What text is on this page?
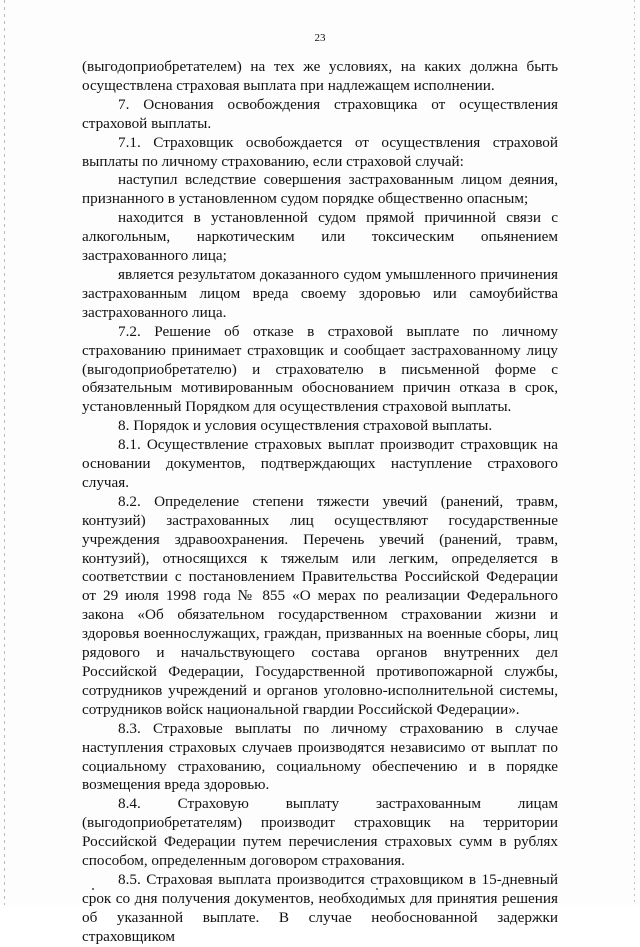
23

(выгодоприобретателем) на тех же условиях, на каких должна быть осуществлена страховая выплата при надлежащем исполнении.

7. Основания освобождения страховщика от осуществления страховой выплаты.

7.1. Страховщик освобождается от осуществления страховой выплаты по личному страхованию, если страховой случай:

наступил вследствие совершения застрахованным лицом деяния, признанного в установленном судом порядке общественно опасным;

находится в установленной судом прямой причинной связи с алкогольным, наркотическим или токсическим опьянением застрахованного лица;

является результатом доказанного судом умышленного причинения застрахованным лицом вреда своему здоровью или самоубийства застрахованного лица.

7.2. Решение об отказе в страховой выплате по личному страхованию принимает страховщик и сообщает застрахованному лицу (выгодоприобретателю) и страхователю в письменной форме с обязательным мотивированным обоснованием причин отказа в срок, установленный Порядком для осуществления страховой выплаты.

8. Порядок и условия осуществления страховой выплаты.

8.1. Осуществление страховых выплат производит страховщик на основании документов, подтверждающих наступление страхового случая.

8.2. Определение степени тяжести увечий (ранений, травм, контузий) застрахованных лиц осуществляют государственные учреждения здравоохранения. Перечень увечий (ранений, травм, контузий), относящихся к тяжелым или легким, определяется в соответствии с постановлением Правительства Российской Федерации от 29 июля 1998 года № 855 «О мерах по реализации Федерального закона «Об обязательном государственном страховании жизни и здоровья военнослужащих, граждан, призванных на военные сборы, лиц рядового и начальствующего состава органов внутренних дел Российской Федерации, Государственной противопожарной службы, сотрудников учреждений и органов уголовно-исполнительной системы, сотрудников войск национальной гвардии Российской Федерации».

8.3. Страховые выплаты по личному страхованию в случае наступления страховых случаев производятся независимо от выплат по социальному страхованию, социальному обеспечению и в порядке возмещения вреда здоровью.

8.4. Страховую выплату застрахованным лицам (выгодоприобретателям) производит страховщик на территории Российской Федерации путем перечисления страховых сумм в рублях способом, определенным договором страхования.

8.5. Страховая выплата производится страховщиком в 15-дневный срок со дня получения документов, необходимых для принятия решения об указанной выплате. В случае необоснованной задержки страховщиком
